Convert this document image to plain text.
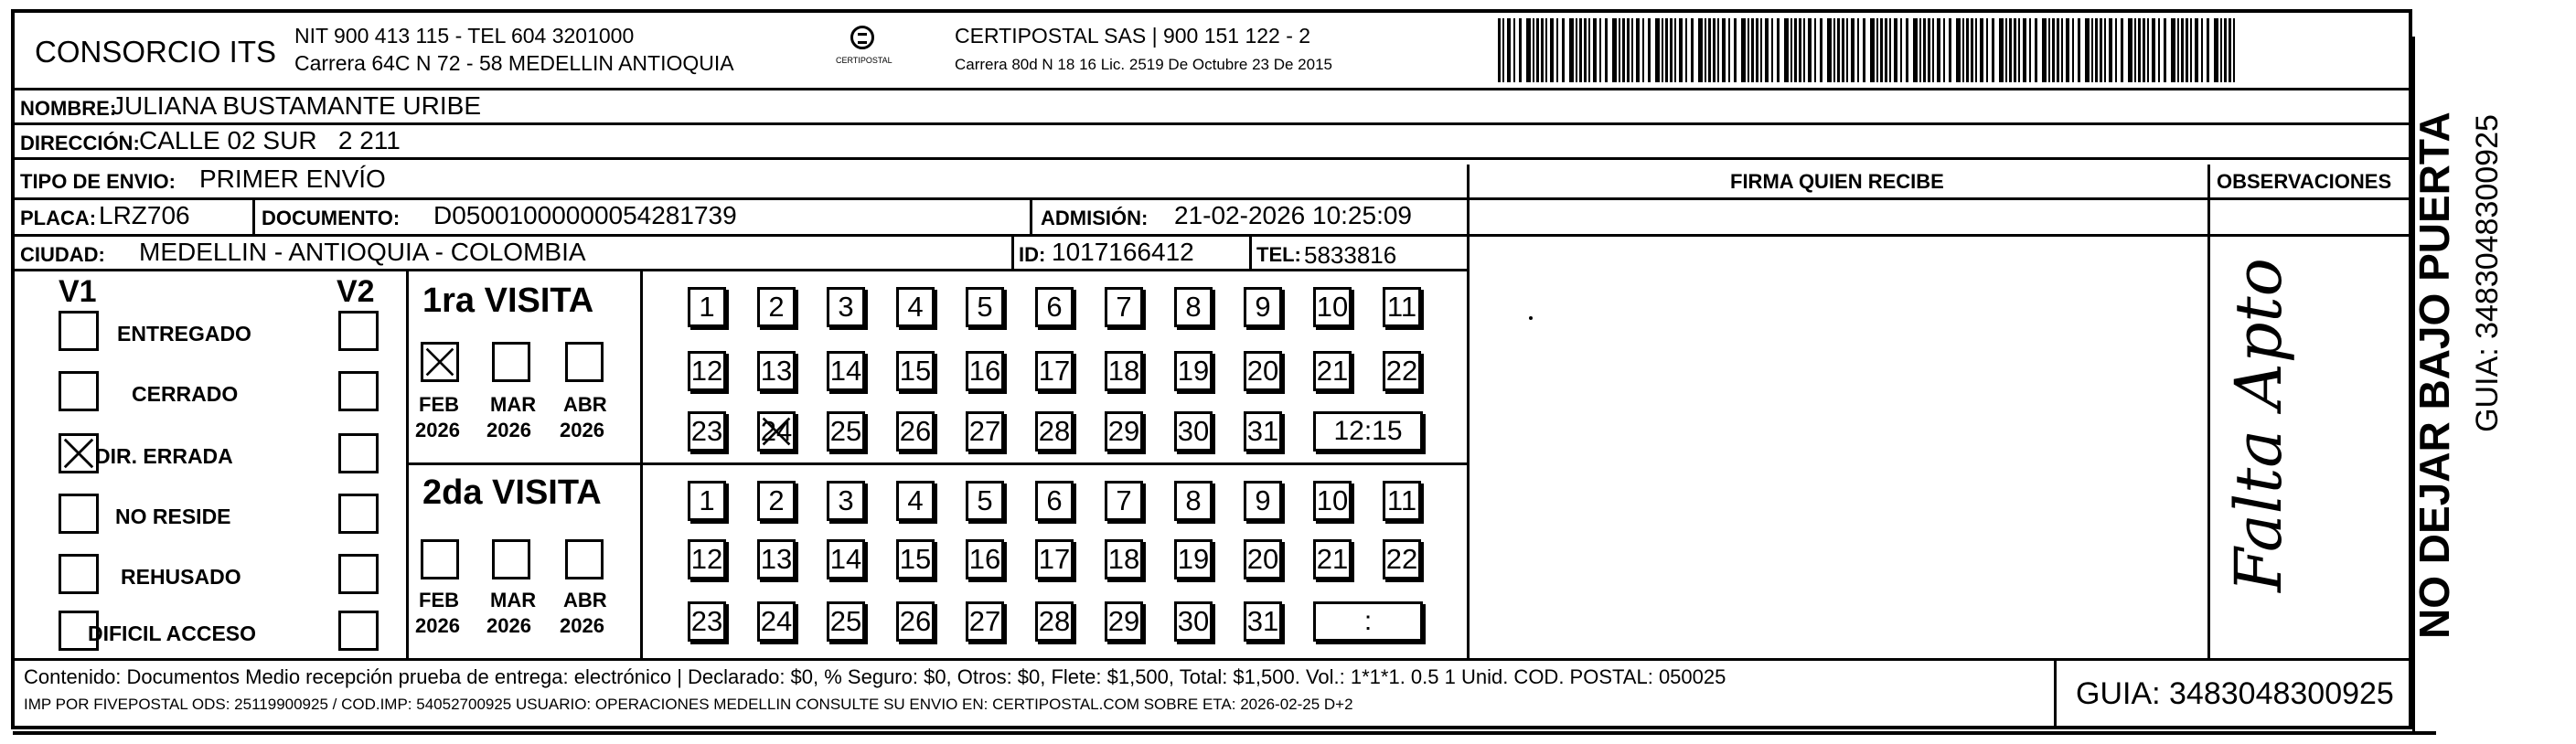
CONSORCIO ITS NIT 900 413 115 - TEL 604 3201000
Carrera 64C N 72 - 58 MEDELLIN ANTIOQUIA	CERTIPOSTAL
CERTIPOSTAL SAS | 900 151 122 - 2
Carrera 80d N 18 16 Lic. 2519 De Octubre 23 De 2015
NOMBRE:
JULIANA BUSTAMANTE URIBE
DIRECCIÓN: CALLE 02 SUR   2 211
TIPO DE ENVIO: PRIMER ENVÍO	FIRMA QUIEN RECIBE	OBSERVACIONES
PLACA: LRZ706	DOCUMENTO: D05001000000054281739	ADMISIÓN: 21-02-2026 10:25:09
CIUDAD: MEDELLIN - ANTIOQUIA - COLOMBIA	ID: 1017166412	TEL: 5833816
V1	V2 1ra VISITA
2da VISITA	Falta Apto	NO DEJAR BAJO PUERTA GUIA: 3483048300925
Contenido: Documentos Medio recepción prueba de entrega: electrónico | Declarado: $0, % Seguro: $0, Otros: $0, Flete: $1,500, Total: $1,500. Vol.: 1*1*1. 0.5 1 Unid. COD. POSTAL: 050025
IMP POR FIVEPOSTAL ODS: 25119900925 / COD.IMP: 54052700925 USUARIO: OPERACIONES MEDELLIN CONSULTE SU ENVIO EN: CERTIPOSTAL.COM SOBRE ETA: 2026-02-25 D+2	GUIA: 3483048300925
ENTREGADO
CERRADO
DIR. ERRADA
NO RESIDE
REHUSADO
DIFICIL ACCESO
FEB
2026
MAR
2026
ABR
2026
FEB
2026
MAR
2026
ABR
2026
1	2	3	4	5	6	7	8	9	10 11
12 13 14 15 16 17 18 19 20 21 22
23 24 25 26 27 28 29 30 31	12:15
1	2	3	4	5	6	7	8	9	10 11
12 13 14 15 16 17 18 19 20 21 22
23 24 25 26 27 28 29 30 31	:
